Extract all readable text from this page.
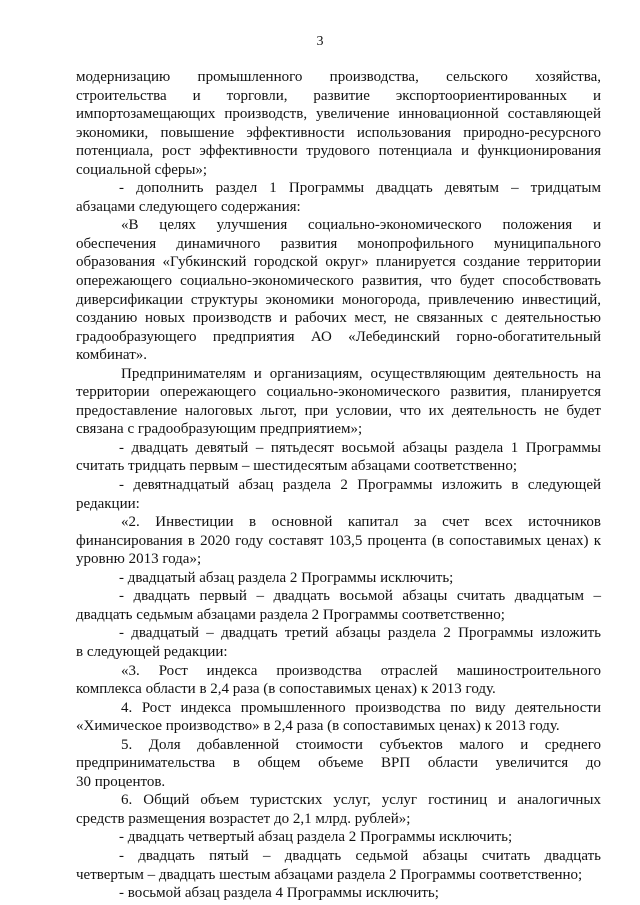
3
модернизацию промышленного производства, сельского хозяйства,
строительства и торговли, развитие экспортоориентированных и
импортозамещающих производств, увеличение инновационной составляющей
экономики, повышение эффективности использования природно-ресурсного
потенциала, рост эффективности трудового потенциала и функционирования
социальной сферы»;
- дополнить раздел 1 Программы двадцать девятым – тридцатым
абзацами следующего содержания:
«В целях улучшения социально-экономического положения и
обеспечения динамичного развития монопрофильного муниципального
образования «Губкинский городской округ» планируется создание территории
опережающего социально-экономического развития, что будет способствовать
диверсификации структуры экономики моногорода, привлечению инвестиций,
созданию новых производств и рабочих мест, не связанных с деятельностью
градообразующего предприятия АО «Лебединский горно-обогатительный
комбинат».
Предпринимателям и организациям, осуществляющим деятельность на
территории опережающего социально-экономического развития, планируется
предоставление налоговых льгот, при условии, что их деятельность не будет
связана с градообразующим предприятием»;
- двадцать девятый – пятьдесят восьмой абзацы раздела 1 Программы
считать тридцать первым – шестидесятым абзацами соответственно;
- девятнадцатый абзац раздела 2 Программы изложить в следующей
редакции:
«2. Инвестиции в основной капитал за счет всех источников
финансирования в 2020 году составят 103,5 процента (в сопоставимых ценах) к
уровню 2013 года»;
- двадцатый абзац раздела 2 Программы исключить;
- двадцать первый – двадцать восьмой абзацы считать двадцатым –
двадцать седьмым абзацами раздела 2 Программы соответственно;
- двадцатый – двадцать третий абзацы раздела 2 Программы изложить
в следующей редакции:
«3. Рост индекса производства отраслей машиностроительного
комплекса области в 2,4 раза (в сопоставимых ценах) к 2013 году.
4. Рост индекса промышленного производства по виду деятельности
«Химическое производство» в 2,4 раза (в сопоставимых ценах) к 2013 году.
5. Доля добавленной стоимости субъектов малого и среднего
предпринимательства в общем объеме ВРП области увеличится до
30 процентов.
6. Общий объем туристских услуг, услуг гостиниц и аналогичных
средств размещения возрастет до 2,1 млрд. рублей»;
- двадцать четвертый абзац раздела 2 Программы исключить;
- двадцать пятый – двадцать седьмой абзацы считать двадцать
четвертым – двадцать шестым абзацами раздела 2 Программы соответственно;
- восьмой абзац раздела 4 Программы исключить;
